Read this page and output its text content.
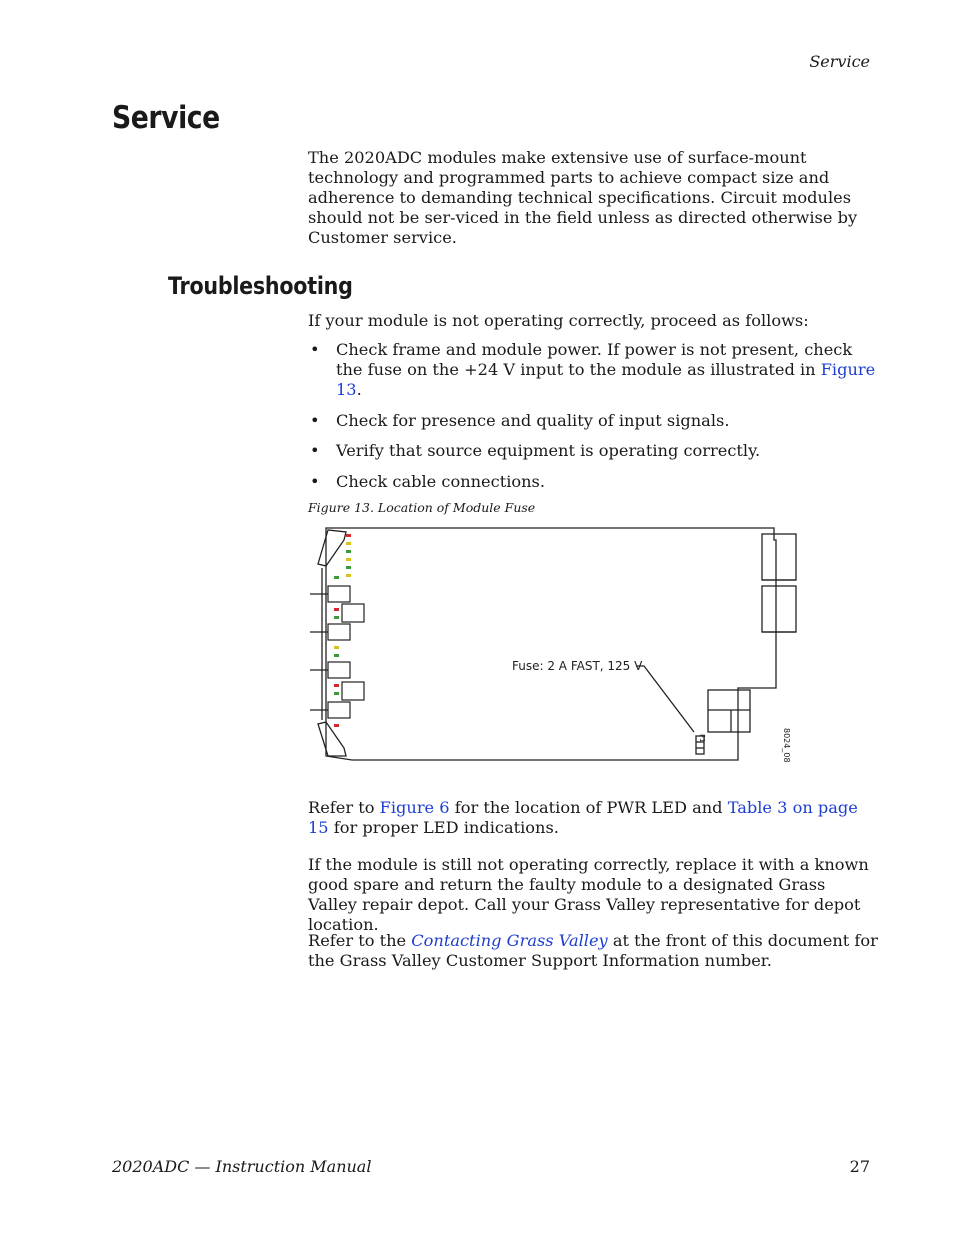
Service
Service

The 2020ADC modules make extensive use of surface-mount technology and programmed parts to achieve compact size and adherence to demanding technical specifications. Circuit modules should not be ser-viced in the field unless as directed otherwise by Customer service.

Troubleshooting

If your module is not operating correctly, proceed as follows:

• Check frame and module power. If power is not present, check the fuse on the +24 V input to the module as illustrated in Figure 13.
• Check for presence and quality of input signals.
• Verify that source equipment is operating correctly.
• Check cable connections.
Figure 13. Location of Module Fuse
Fuse: 2 A FAST, 125 V
F1	8024_08

Refer to Figure 6 for the location of PWR LED and Table 3 on page 15 for proper LED indications.

If the module is still not operating correctly, replace it with a known good spare and return the faulty module to a designated Grass Valley repair depot. Call your Grass Valley representative for depot location.

Refer to the Contacting Grass Valley at the front of this document for the Grass Valley Customer Support Information number.

2020ADC — Instruction Manual	27
